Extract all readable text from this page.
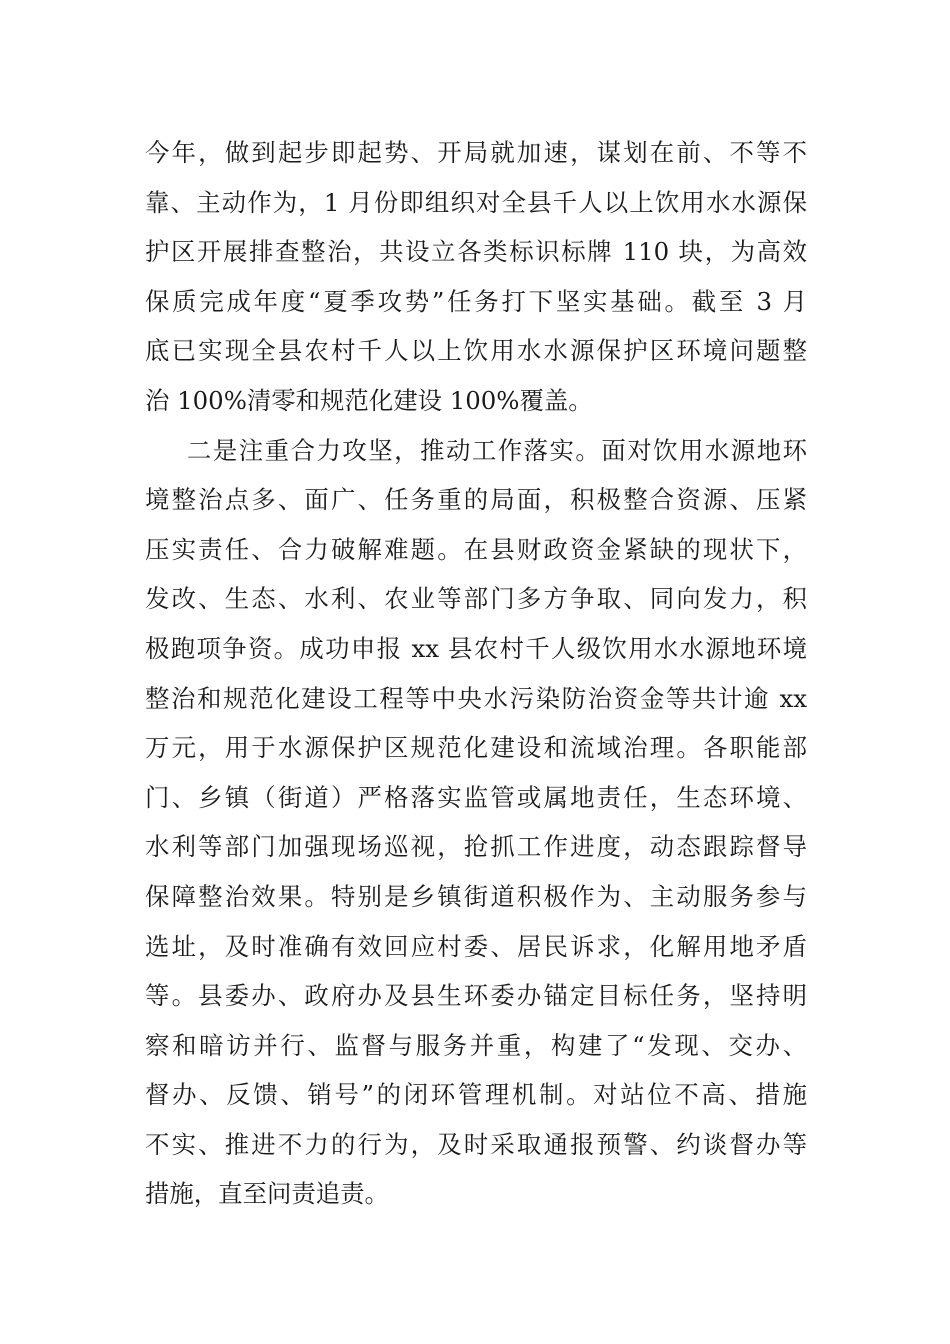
今年，做到起步即起势、开局就加速，谋划在前、不等不
靠、主动作为，1 月份即组织对全县千人以上饮用水水源保
护区开展排查整治，共设立各类标识标牌 110 块，为高效
保质完成年度“夏季攻势”任务打下坚实基础。截至 3 月
底已实现全县农村千人以上饮用水水源保护区环境问题整
治 100%清零和规范化建设 100%覆盖。
二是注重合力攻坚，推动工作落实。面对饮用水源地环
境整治点多、面广、任务重的局面，积极整合资源、压紧
压实责任、合力破解难题。在县财政资金紧缺的现状下，
发改、生态、水利、农业等部门多方争取、同向发力，积
极跑项争资。成功申报 xx 县农村千人级饮用水水源地环境
整治和规范化建设工程等中央水污染防治资金等共计逾 xx
万元，用于水源保护区规范化建设和流域治理。各职能部
门、乡镇（街道）严格落实监管或属地责任，生态环境、
水利等部门加强现场巡视，抢抓工作进度，动态跟踪督导
保障整治效果。特别是乡镇街道积极作为、主动服务参与
选址，及时准确有效回应村委、居民诉求，化解用地矛盾
等。县委办、政府办及县生环委办锚定目标任务，坚持明
察和暗访并行、监督与服务并重，构建了“发现、交办、
督办、反馈、销号”的闭环管理机制。对站位不高、措施
不实、推进不力的行为，及时采取通报预警、约谈督办等
措施，直至问责追责。
